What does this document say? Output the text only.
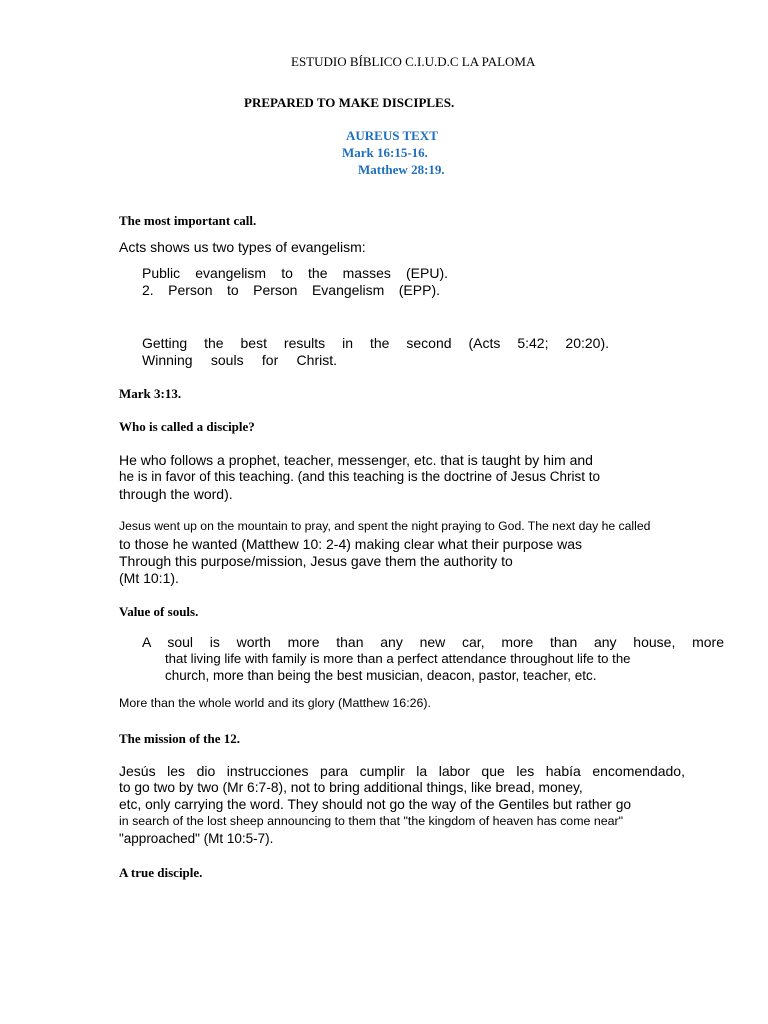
ESTUDIO BÍBLICO C.I.U.D.C LA PALOMA
PREPARED TO MAKE DISCIPLES.
AUREUS TEXT
Mark 16:15-16.
Matthew 28:19.
The most important call.
Acts shows us two types of evangelism:
Public evangelism to the masses (EPU).
2. Person to Person Evangelism (EPP).
Getting the best results in the second (Acts 5:42; 20:20).
Winning souls for Christ.
Mark 3:13.
Who is called a disciple?
He who follows a prophet, teacher, messenger, etc. that is taught by him and
he is in favor of this teaching. (and this teaching is the doctrine of Jesus Christ to
through the word).
Jesus went up on the mountain to pray, and spent the night praying to God. The next day he called
to those he wanted (Matthew 10: 2-4) making clear what their purpose was
Through this purpose/mission, Jesus gave them the authority to
(Mt 10:1).
Value of souls.
A soul is worth more than any new car, more than any house, more
that living life with family is more than a perfect attendance throughout life to the
church, more than being the best musician, deacon, pastor, teacher, etc.
More than the whole world and its glory (Matthew 16:26).
The mission of the 12.
Jesús les dio instrucciones para cumplir la labor que les había encomendado,
to go two by two (Mr 6:7-8), not to bring additional things, like bread, money,
etc, only carrying the word. They should not go the way of the Gentiles but rather go
in search of the lost sheep announcing to them that "the kingdom of heaven has come near"
"approached" (Mt 10:5-7).
A true disciple.
